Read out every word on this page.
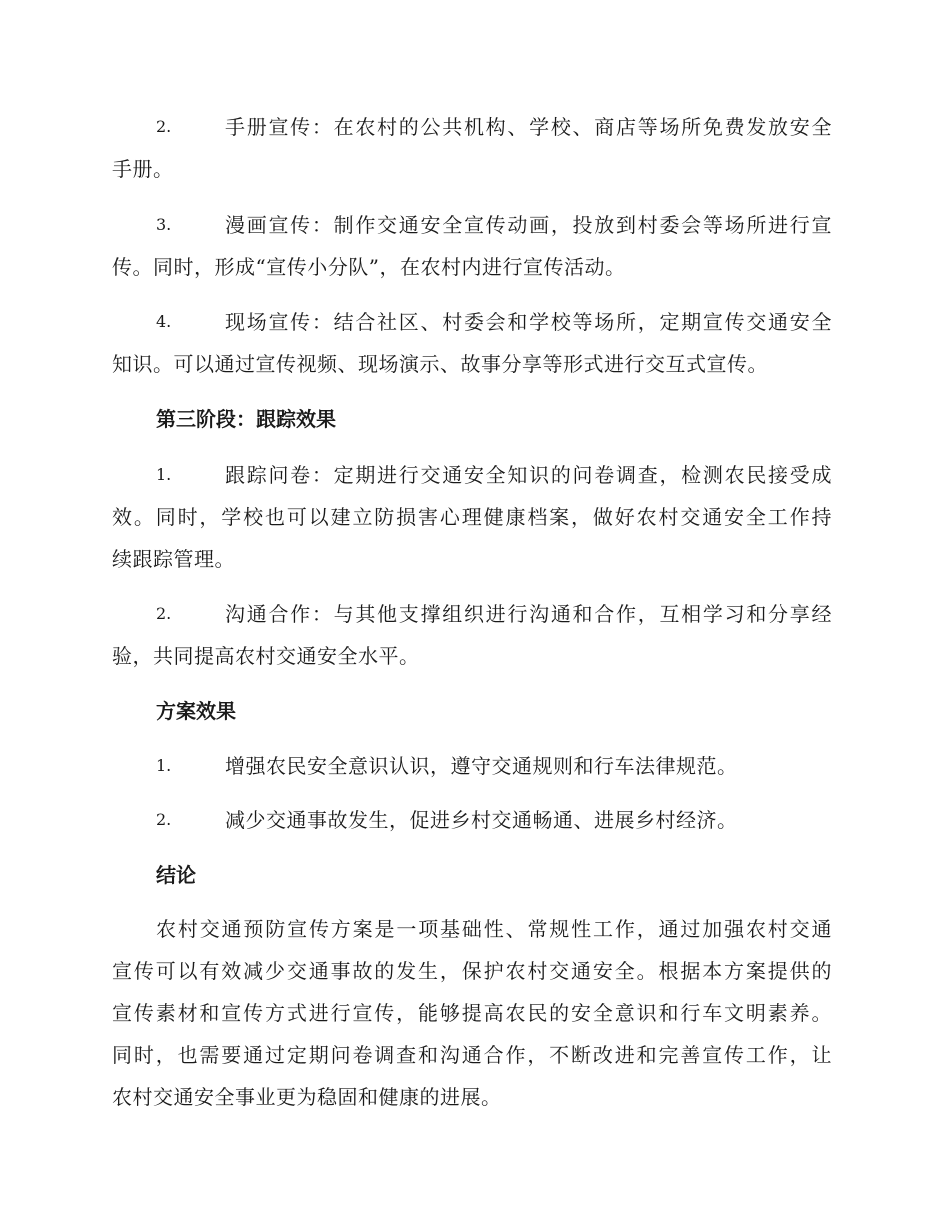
2.	手册宣传：在农村的公共机构、学校、商店等场所免费发放安全
手册。
3.	漫画宣传：制作交通安全宣传动画，投放到村委会等场所进行宣
传。同时，形成“宣传小分队”，在农村内进行宣传活动。
4.	现场宣传：结合社区、村委会和学校等场所，定期宣传交通安全
知识。可以通过宣传视频、现场演示、故事分享等形式进行交互式宣传。
第三阶段：跟踪效果
1.	跟踪问卷：定期进行交通安全知识的问卷调查，检测农民接受成
效。同时，学校也可以建立防损害心理健康档案，做好农村交通安全工作持
续跟踪管理。
2.	沟通合作：与其他支撑组织进行沟通和合作，互相学习和分享经
验，共同提高农村交通安全水平。
方案效果
1.	增强农民安全意识认识，遵守交通规则和行车法律规范。
2.	减少交通事故发生，促进乡村交通畅通、进展乡村经济。
结论
农村交通预防宣传方案是一项基础性、常规性工作，通过加强农村交通
宣传可以有效减少交通事故的发生，保护农村交通安全。根据本方案提供的
宣传素材和宣传方式进行宣传，能够提高农民的安全意识和行车文明素养。
同时，也需要通过定期问卷调查和沟通合作，不断改进和完善宣传工作，让
农村交通安全事业更为稳固和健康的进展。
